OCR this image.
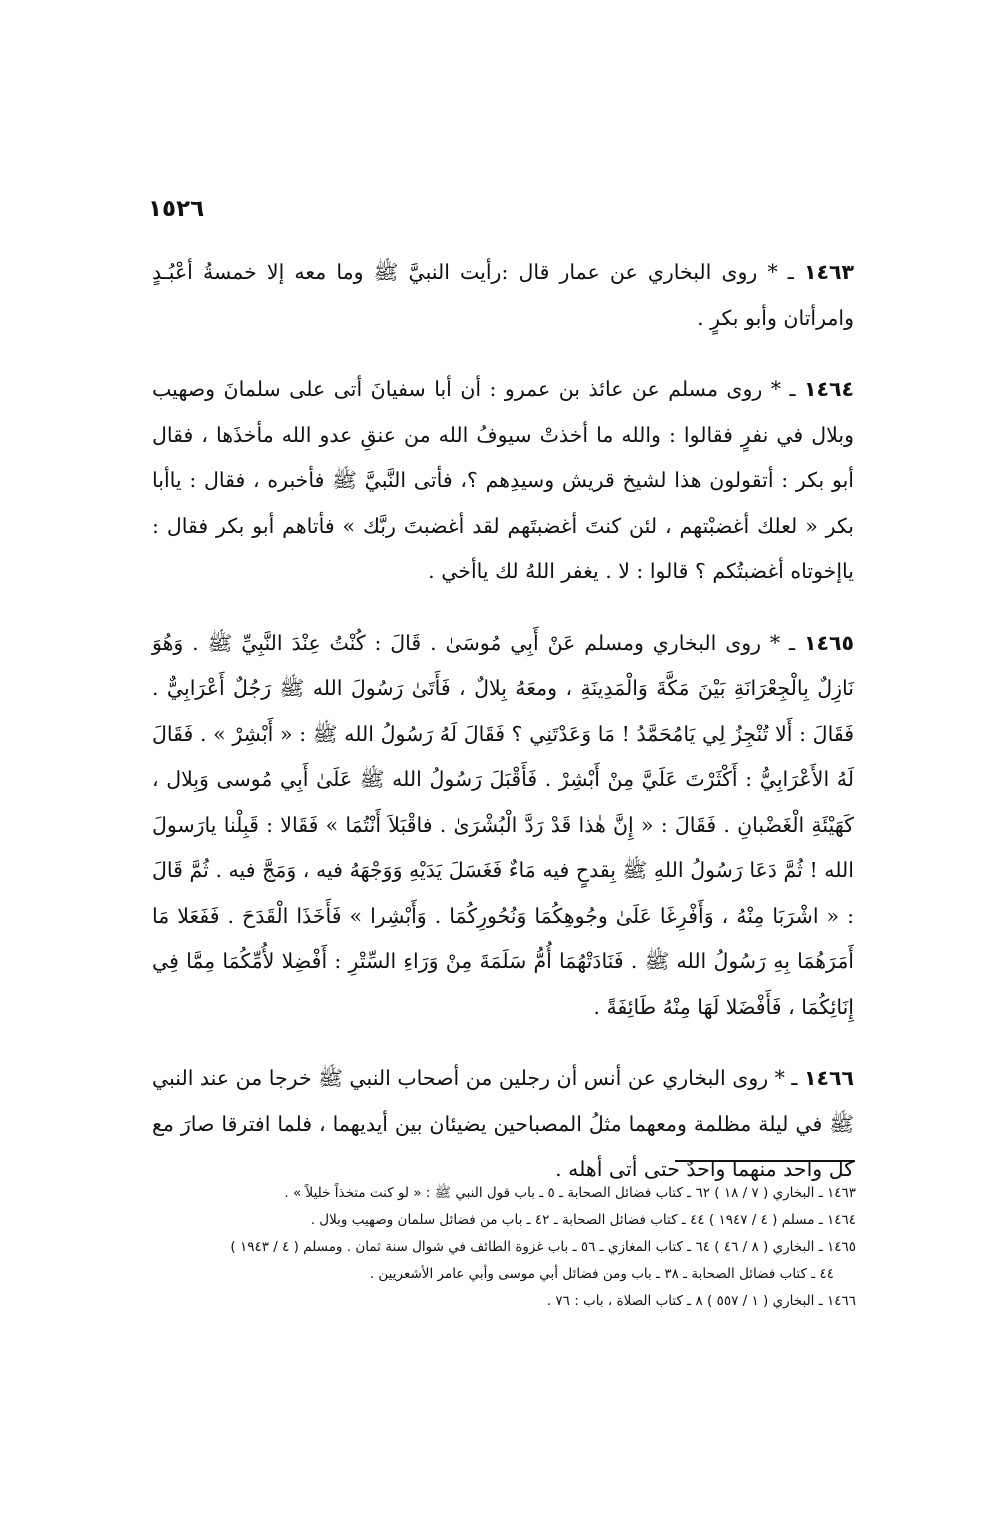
١٥٢٦

١٤٦٣ ـ * روى البخاري عن عمار قال :رأيت النبيَّ ﷺ وما معه إلا خمسةُ أعْبُـدٍ وامرأتان وأبو بكرٍ .

١٤٦٤ ـ * روى مسلم عن عائذ بن عمرو : أن أبا سفيانَ أتى على سلمانَ وصهيب وبلال في نفرٍ فقالوا : والله ما أخذتْ سيوفُ الله من عنقِ عدو الله مأخذَها ، فقال أبو بكر : أتقولون هذا لشيخ قريش وسيدِهم ؟، فأتى النَّبيَّ ﷺ فأخبره ، فقال : ياأبا بكر « لعلك أغضبْتهم ، لئن كنتَ أغضبتَهم لقد أغضبتَ ربَّك » فأتاهم أبو بكر فقال : ياإخوتاه أغضبتُكم ؟ قالوا : لا . يغفر اللهُ لك ياأخي .

١٤٦٥ ـ * روى البخاري ومسلم عَنْ أَبِي مُوسَىٰ . قَالَ : كُنْتُ عِنْدَ النَّبِيِّ ﷺ . وَهُوَ نَازِلٌ بِالْجِعْرَانَةِ بَيْنَ مَكَّةَ وَالْمَدِينَةِ ، ومعَهُ بِلالٌ ، فَأَتَىٰ رَسُولَ الله ﷺ رَجُلٌ أَعْرَابِيٌّ . فَقَالَ : أَلا تُنْجِزُ لِي يَامُحَمَّدُ ! مَا وَعَدْتَنِي ؟ فَقَالَ لَهُ رَسُولُ الله ﷺ : « أَبْشِرْ » . فَقَالَ لَهُ الأَعْرَابِيُّ : أَكْثَرْتَ عَلَيَّ مِنْ أَبْشِرْ . فَأَقْبَلَ رَسُولُ الله ﷺ عَلَىٰ أَبِي مُوسى وَبِلال ، كَهَيْئَةِ الْغَضْبانِ . فَقَالَ : « إِنَّ هٰذا قَدْ رَدَّ الْبُشْرَىٰ . فاقْبَلاَ أَنْتُمَا » فَقَالا : قَبِلْنا يارَسولَ الله ! ثُمَّ دَعَا رَسُولُ اللهِ ﷺ بِقدحٍ فيه مَاءٌ فَغَسَلَ يَدَيْهِ وَوَجْهَهُ فيه ، وَمَجَّ فيه . ثُمَّ قَالَ : « اشْرَبَا مِنْهُ ، وَأَفْرِغَا عَلَىٰ وجُوهِكُمَا وَنُحُورِكُمَا . وَأَبْشِرا » فَأَخَذَا الْقَدَحَ . فَفَعَلا مَا أَمَرَهُمَا بِهِ رَسُولُ الله ﷺ . فَنَادَتْهُمَا أُمُّ سَلَمَةَ مِنْ وَرَاءِ السِّتْرِ : أَفْضِلا لأُمِّكُمَا مِمَّا فِي إِنَائِكُمَا ، فَأَفْضَلا لَهَا مِنْهُ طَائِفَةً .

١٤٦٦ ـ * روى البخاري عن أنس أن رجلين من أصحاب النبي ﷺ خرجا من عند النبي ﷺ في ليلة مظلمة ومعهما مثلُ المصباحين يضيئان بين أيديهما ، فلما افترقا صارَ مع كل واحد منهما واحدٌ حتى أتى أهله .

١٤٦٣ ـ البخاري ( ٧ / ١٨ ) ٦٢ ـ كتاب فضائل الصحابة ـ ٥ ـ باب قول النبي ﷺ : « لو كنت متخذاً خليلاً » .

١٤٦٤ ـ مسلم ( ٤ / ١٩٤٧ ) ٤٤ ـ كتاب فضائل الصحابة ـ ٤٢ ـ باب من فضائل سلمان وصهيب وبلال .

١٤٦٥ ـ البخاري ( ٨ / ٤٦ ) ٦٤ ـ كتاب المغازي ـ ٥٦ ـ باب غزوة الطائف في شوال سنة ثمان . ومسلم ( ٤ / ١٩٤٣ )

٤٤ ـ كتاب فضائل الصحابة ـ ٣٨ ـ باب ومن فضائل أبي موسى وأبي عامر الأشعريين .

١٤٦٦ ـ البخاري ( ١ / ٥٥٧ ) ٨ ـ كتاب الصلاة ، باب : ٧٦ .
